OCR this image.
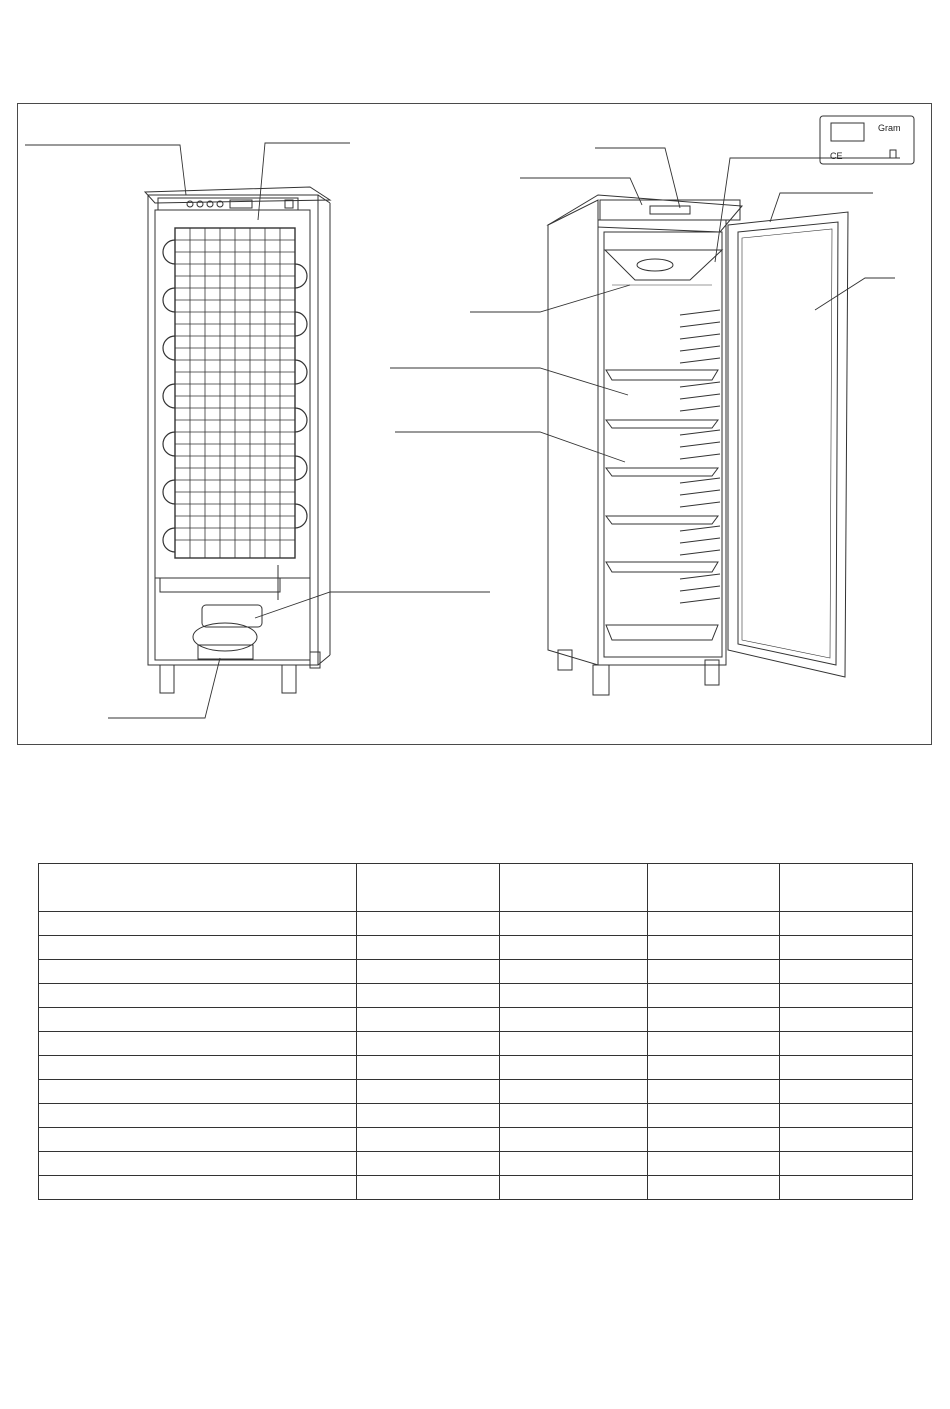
Gram
CE
